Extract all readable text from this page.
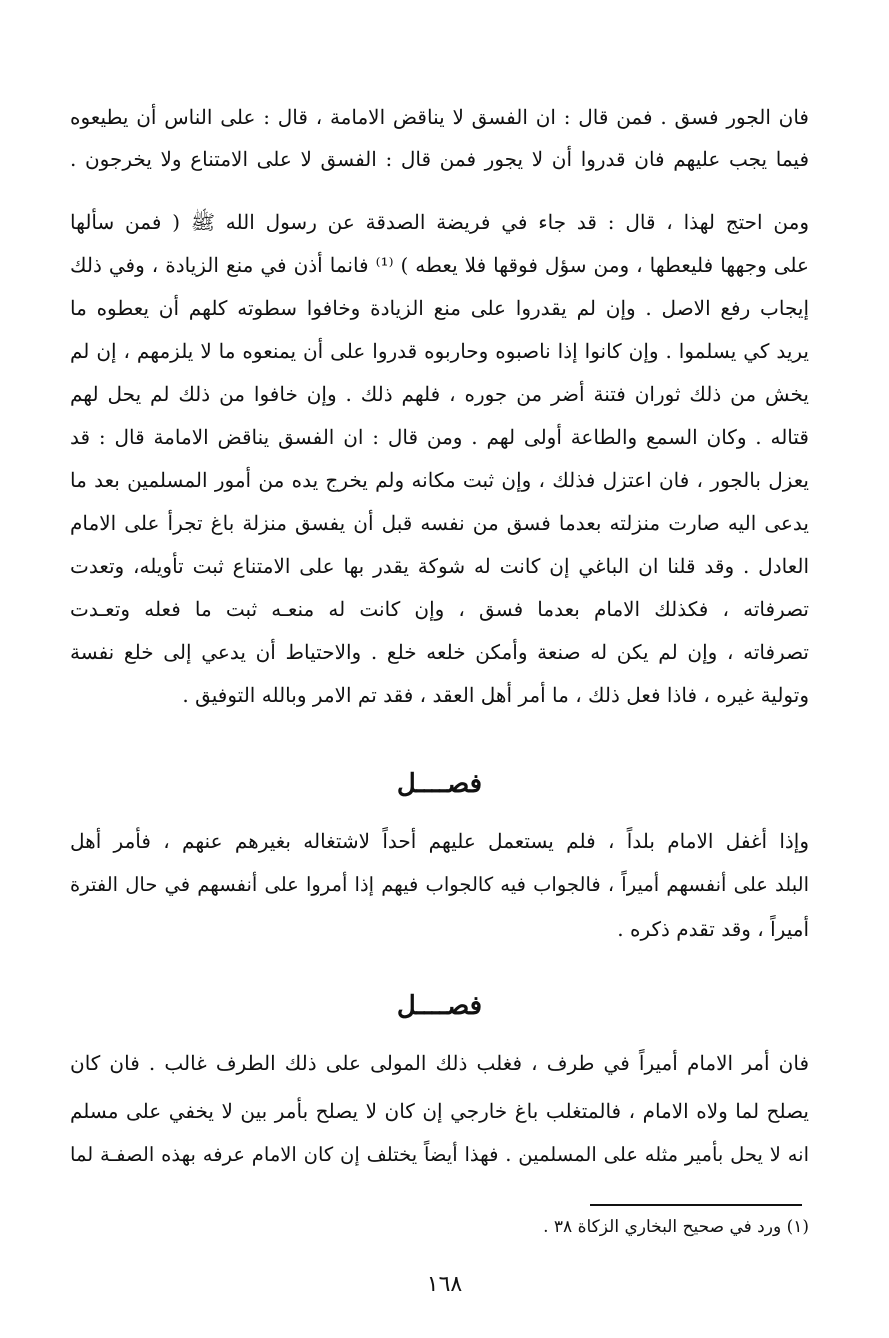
فان الجور فسق . فمن قال : ان الفسق لا يناقض الامامة ، قال : على الناس أن يطيعوه
فيما يجب عليهم فان قدروا أن لا يجور فمن قال : الفسق لا على الامتناع ولا يخرجون .
ومن احتج لهذا ، قال : قد جاء في فريضة الصدقة عن رسول الله ﷺ ( فمن سألها
على وجهها فليعطها ، ومن سؤل فوقها فلا يعطه ) ⁽¹⁾ فانما أذن في منع الزيادة ، وفي ذلك
إيجاب رفع الاصل . وإن لم يقدروا على منع الزيادة وخافوا سطوته كلهم أن يعطوه ما
يريد كي يسلموا . وإن كانوا إذا ناصبوه وحاربوه قدروا على أن يمنعوه ما لا يلزمهم ، إن لم
يخش من ذلك ثوران فتنة أضر من جوره ، فلهم ذلك . وإن خافوا من ذلك لم يحل لهم
قتاله . وكان السمع والطاعة أولى لهم . ومن قال : ان الفسق يناقض الامامة قال : قد
يعزل بالجور ، فان اعتزل فذلك ، وإن ثبت مكانه ولم يخرج يده من أمور المسلمين بعد ما
يدعى اليه صارت منزلته بعدما فسق من نفسه قبل أن يفسق منزلة باغ تجرأ على الامام
العادل . وقد قلنا ان الباغي إن كانت له شوكة يقدر بها على الامتناع ثبت تأويله، وتعدت
تصرفاته ، فكذلك الامام بعدما فسق ، وإن كانت له منعـه ثبت ما فعله وتعـدت
تصرفاته ، وإن لم يكن له صنعة وأمكن خلعه خلع . والاحتياط أن يدعي إلى خلع نفسة
وتولية غيره ، فاذا فعل ذلك ، ما أمر أهل العقد ، فقد تم الامر وبالله التوفيق .
فصــــل
وإذا أغفل الامام بلداً ، فلم يستعمل عليهم أحداً لاشتغاله بغيرهم عنهم ، فأمر أهل
البلد على أنفسهم أميراً ، فالجواب فيه كالجواب فيهم إذا أمروا على أنفسهم في حال الفترة
أميراً ، وقد تقدم ذكره .
فصــــل
فان أمر الامام أميراً في طرف ، فغلب ذلك المولى على ذلك الطرف غالب . فان كان
يصلح لما ولاه الامام ، فالمتغلب باغ خارجي إن كان لا يصلح بأمر بين لا يخفي على مسلم
انه لا يحل بأمير مثله على المسلمين . فهذا أيضاً يختلف إن كان الامام عرفه بهذه الصفـة لما
(١) ورد في صحيح البخاري الزكاة ٣٨ .
١٦٨
